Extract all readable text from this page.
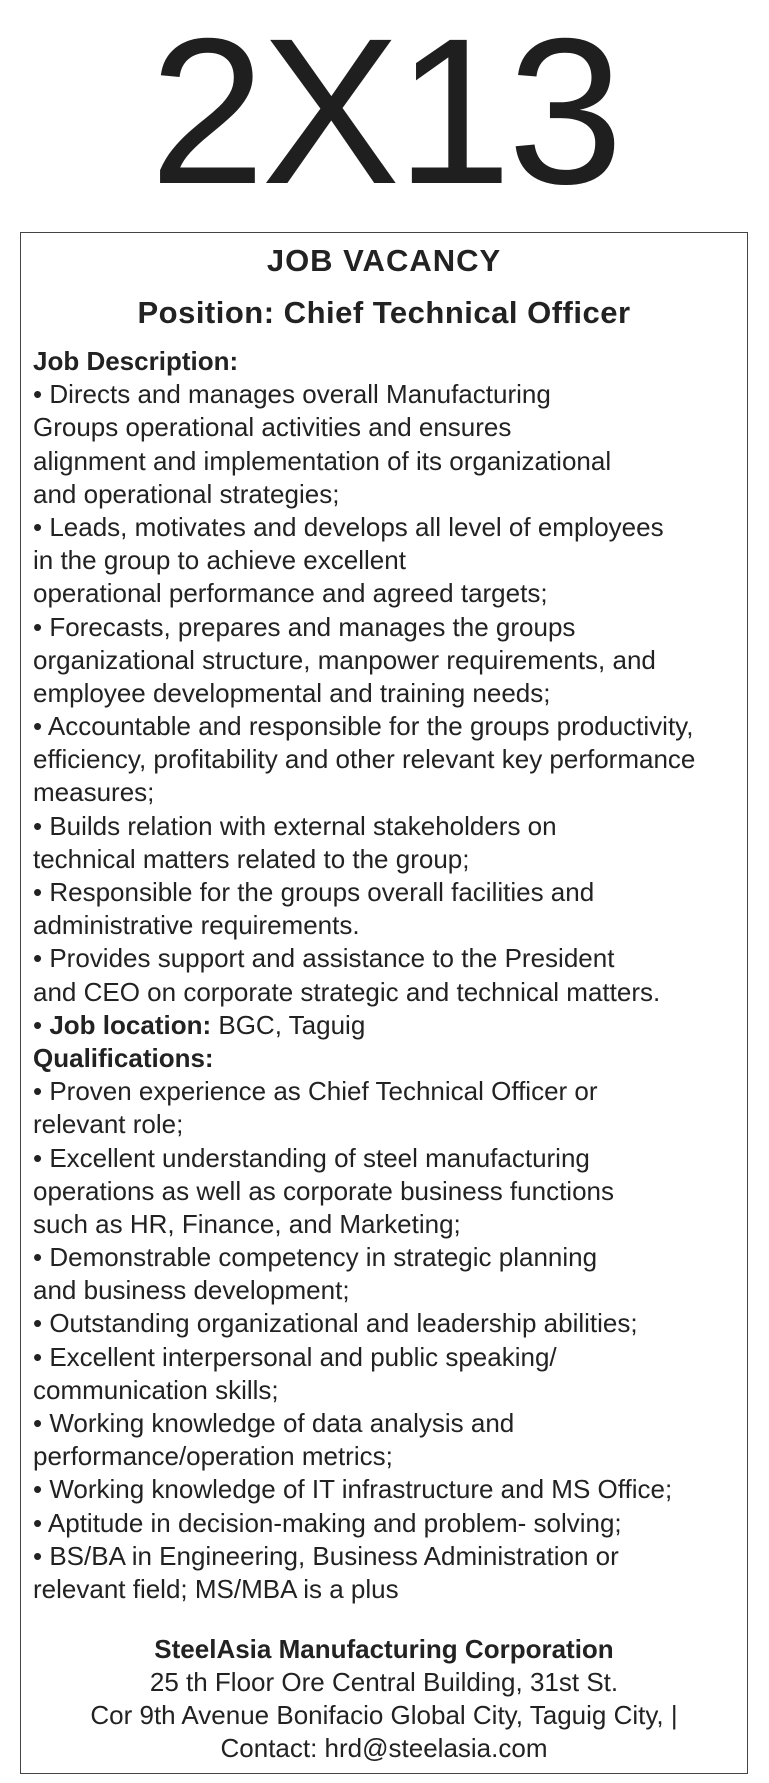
2X13
JOB VACANCY
Position: Chief Technical Officer
Job Description:
• Directs and manages overall Manufacturing
Groups operational activities and ensures
alignment and implementation of its organizational
and operational strategies;
• Leads, motivates and develops all level of employees
in the group to achieve excellent
operational performance and agreed targets;
• Forecasts, prepares and manages the groups
organizational structure, manpower requirements, and
employee developmental and training needs;
• Accountable and responsible for the groups productivity,
efficiency, profitability and other relevant key performance
measures;
• Builds relation with external stakeholders on
technical matters related to the group;
• Responsible for the groups overall facilities and
administrative requirements.
• Provides support and assistance to the President
and CEO on corporate strategic and technical matters.
• Job location: BGC, Taguig
Qualifications:
• Proven experience as Chief Technical Officer or
relevant role;
• Excellent understanding of steel manufacturing
operations as well as corporate business functions
such as HR, Finance, and Marketing;
• Demonstrable competency in strategic planning
and business development;
• Outstanding organizational and leadership abilities;
• Excellent interpersonal and public speaking/
communication skills;
• Working knowledge of data analysis and
performance/operation metrics;
• Working knowledge of IT infrastructure and MS Office;
• Aptitude in decision-making and problem- solving;
• BS/BA in Engineering, Business Administration or
relevant field; MS/MBA is a plus
SteelAsia Manufacturing Corporation
25 th Floor Ore Central Building, 31st St.
Cor 9th Avenue Bonifacio Global City, Taguig City, |
Contact: hrd@steelasia.com
